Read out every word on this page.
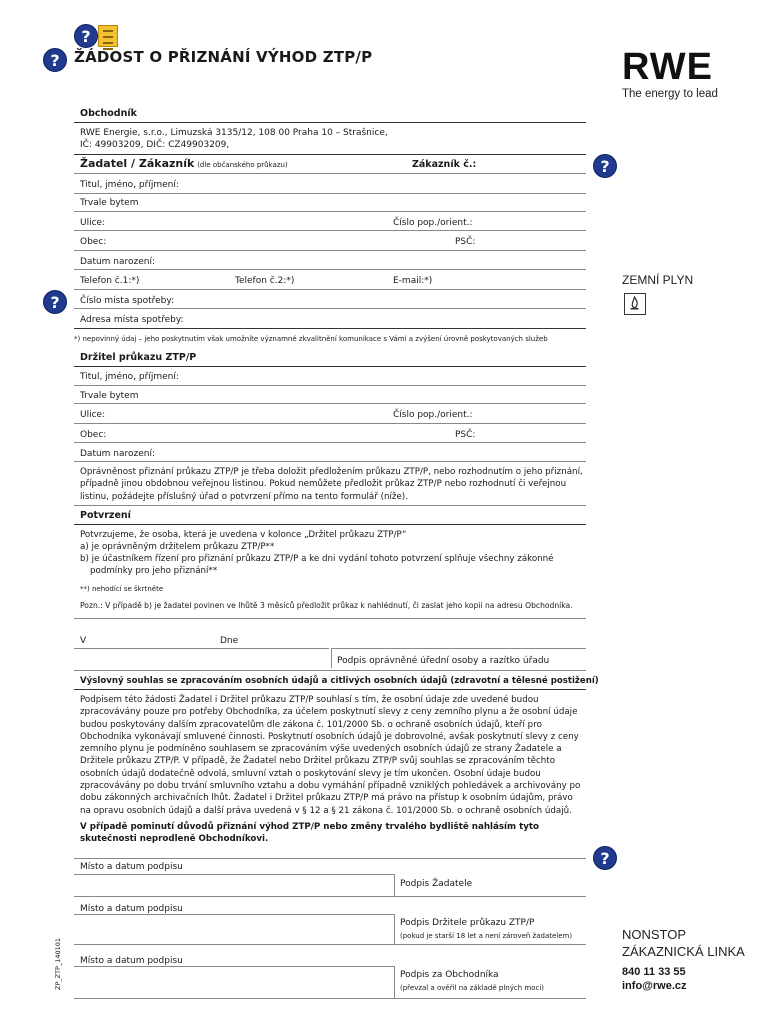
?
? ŽÁDOST O PŘIZNÁNÍ VÝHOD ZTP/P	RWE
The energy to lead
Obchodník
RWE Energie, s.r.o., Limuzská 3135/12, 108 00 Praha 10 – Strašnice,
IČ: 49903209, DIČ: CZ49903209,
Žadatel / Zákazník (dle občanského průkazu)	Zákazník č.:	?
Titul, jméno, příjmení:
Trvale bytem
Ulice:	Číslo pop./orient.:
Obec:	PSČ:
Datum narození:
Telefon č.1:*)	Telefon č.2:*)	E-mail:*)
?	Číslo místa spotřeby:
Adresa místa spotřeby:
*) nepovinný údaj – jeho poskytnutím však umožníte významné zkvalitnění komunikace s Vámi a zvýšení úrovně poskytovaných služeb
Držitel průkazu ZTP/P
Titul, jméno, příjmení:
Trvale bytem
Ulice:	Číslo pop./orient.:
Obec:	PSČ:
Datum narození:
Oprávněnost přiznání průkazu ZTP/P je třeba doložit předložením průkazu ZTP/P, nebo rozhodnutím o jeho přiznání, případně jinou obdobnou veřejnou listinou. Pokud nemůžete předložit průkaz ZTP/P nebo rozhodnutí či veřejnou listinu, požádejte příslušný úřad o potvrzení přímo na tento formulář (níže).
Potvrzení
Potvrzujeme, že osoba, která je uvedena v kolonce „Držitel průkazu ZTP/P“
a) je oprávněným držitelem průkazu ZTP/P**
b) je účastníkem řízení pro přiznání průkazu ZTP/P a ke dni vydání tohoto potvrzení splňuje všechny zákonné
podmínky pro jeho přiznání**
**) nehodící se škrtněte
Pozn.: V případě b) je žadatel povinen ve lhůtě 3 měsíců předložit průkaz k nahlédnutí, či zaslat jeho kopii na adresu Obchodníka.
V	Dne
Podpis oprávněné úřední osoby a razítko úřadu
Výslovný souhlas se zpracováním osobních údajů a citlivých osobních údajů (zdravotní a tělesné postižení)
Podpisem této žádosti Žadatel i Držitel průkazu ZTP/P souhlasí s tím, že osobní údaje zde uvedené budou zpracovávány pouze pro potřeby Obchodníka, za účelem poskytnutí slevy z ceny zemního plynu a že osobní údaje budou poskytovány dalším zpracovatelům dle zákona č. 101/2000 Sb. o ochraně osobních údajů, kteří pro Obchodníka vykonávají smluvené činnosti. Poskytnutí osobních údajů je dobrovolné, avšak poskytnutí slevy z ceny zemního plynu je podmíněno souhlasem se zpracováním výše uvedených osobních údajů ze strany Žadatele a Držitele průkazu ZTP/P. V případě, že Žadatel nebo Držitel průkazu ZTP/P svůj souhlas se zpracováním těchto osobních údajů dodatečně odvolá, smluvní vztah o poskytování slevy je tím ukončen. Osobní údaje budou zpracovávány po dobu trvání smluvního vztahu a dobu vymáhání případně vzniklých pohledávek a archivovány po dobu zákonných archivačních lhůt. Žadatel i Držitel průkazu ZTP/P má právo na přístup k osobním údajům, právo na opravu osobních údajů a další práva uvedená v § 12 a § 21 zákona č. 101/2000 Sb. o ochraně osobních údajů.
V případě pominutí důvodů přiznání výhod ZTP/P nebo změny trvalého bydliště nahlásím tyto skutečnosti neprodleně Obchodníkovi.
?
Místo a datum podpisu
Podpis Žadatele
Místo a datum podpisu
Podpis Držitele průkazu ZTP/P
(pokud je starší 18 let a není zároveň žadatelem)
Místo a datum podpisu
Podpis za Obchodníka
(převzal a ověřil na základě plných moci)
ZP_ZTP_140101
ZEMNÍ PLYN
NONSTOP
ZÁKAZNICKÁ LINKA
840 11 33 55
info@rwe.cz
